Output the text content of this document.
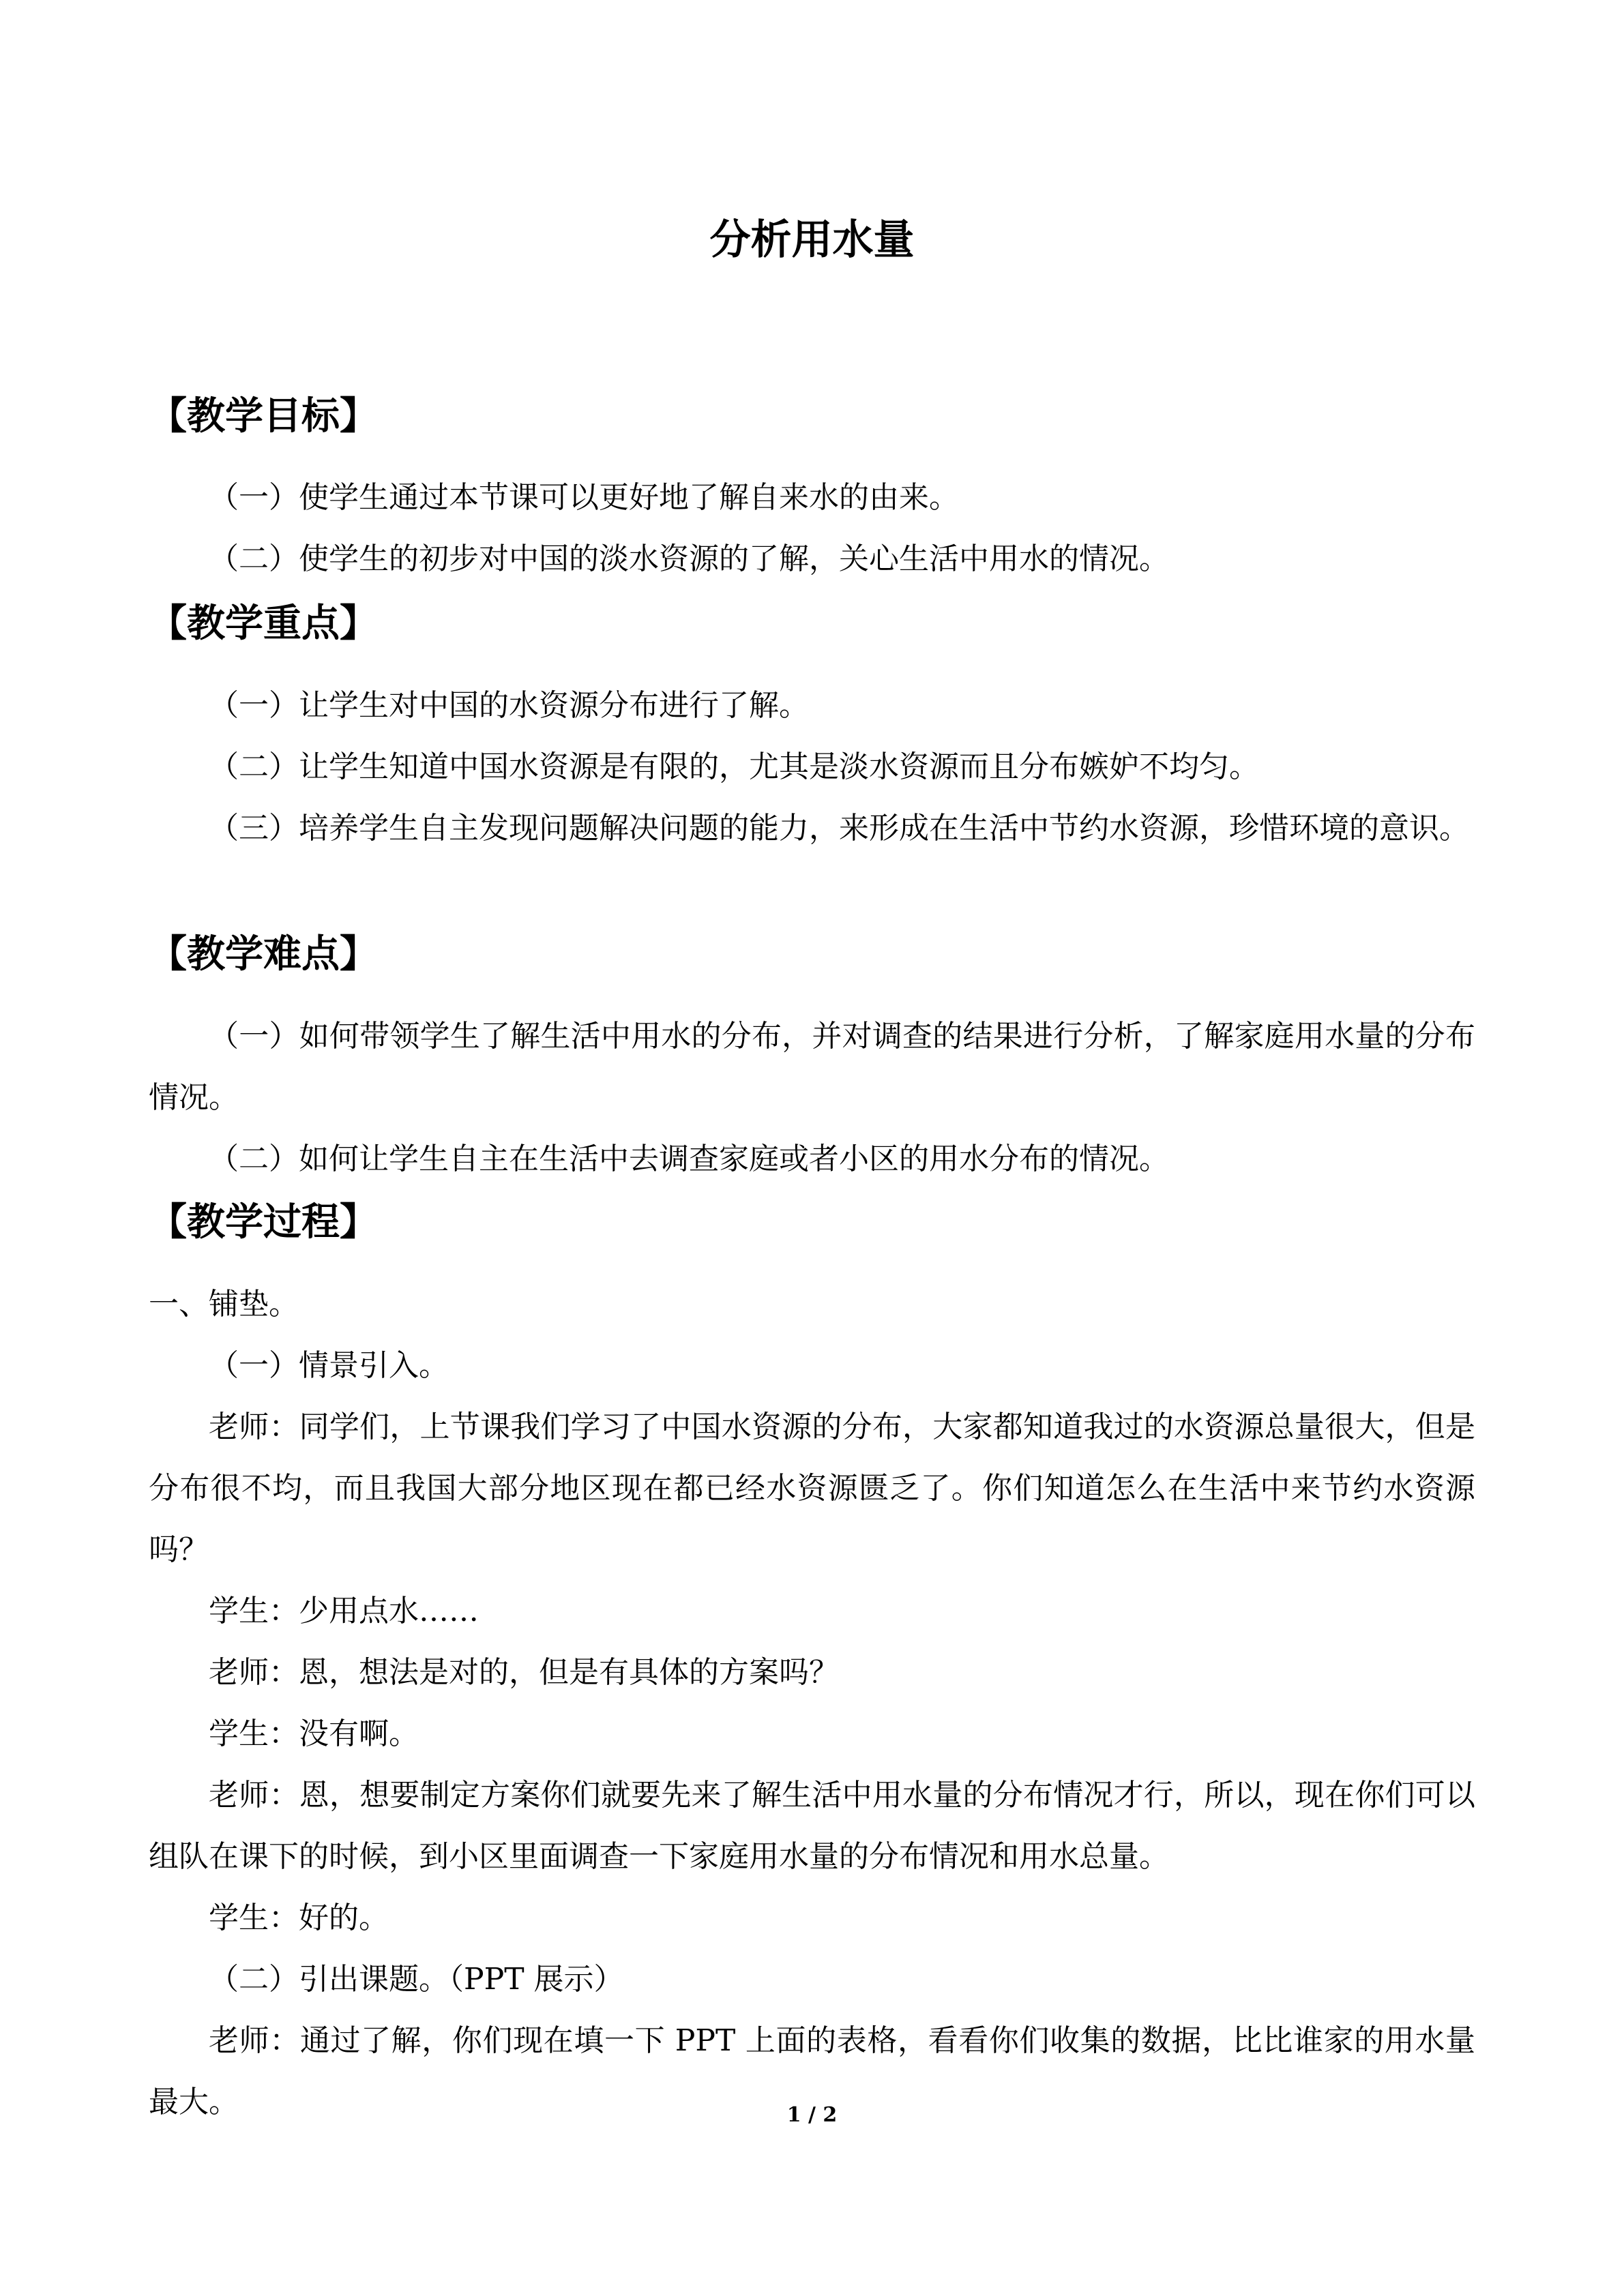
分析用水量
【教学目标】
（一）使学生通过本节课可以更好地了解自来水的由来。
（二）使学生的初步对中国的淡水资源的了解，关心生活中用水的情况。
【教学重点】
（一）让学生对中国的水资源分布进行了解。
（二）让学生知道中国水资源是有限的，尤其是淡水资源而且分布嫉妒不均匀。
（三）培养学生自主发现问题解决问题的能力，来形成在生活中节约水资源，珍惜环境的意识。
【教学难点】
（一）如何带领学生了解生活中用水的分布，并对调查的结果进行分析，了解家庭用水量的分布情况。
（二）如何让学生自主在生活中去调查家庭或者小区的用水分布的情况。
【教学过程】
一、铺垫。
（一）情景引入。
老师：同学们，上节课我们学习了中国水资源的分布，大家都知道我过的水资源总量很大，但是分布很不均，而且我国大部分地区现在都已经水资源匮乏了。你们知道怎么在生活中来节约水资源吗？
学生：少用点水……
老师：恩，想法是对的，但是有具体的方案吗？
学生：没有啊。
老师：恩，想要制定方案你们就要先来了解生活中用水量的分布情况才行，所以，现在你们可以组队在课下的时候，到小区里面调查一下家庭用水量的分布情况和用水总量。
学生：好的。
（二）引出课题。（PPT 展示）
老师：通过了解，你们现在填一下 PPT 上面的表格，看看你们收集的数据，比比谁家的用水量最大。	1 / 2
